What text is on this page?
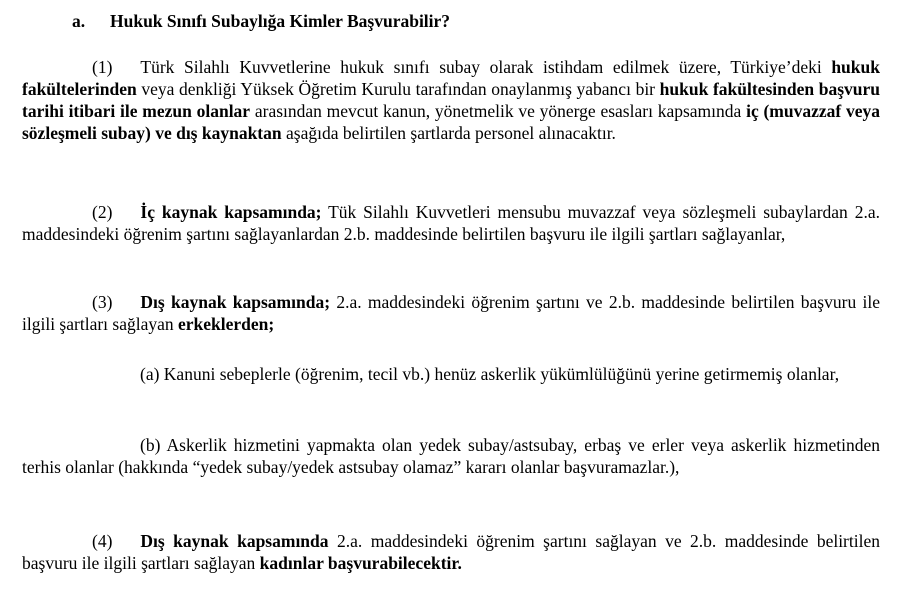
a. Hukuk Sınıfı Subaylığa Kimler Başvurabilir?
(1) Türk Silahlı Kuvvetlerine hukuk sınıfı subay olarak istihdam edilmek üzere, Türkiye’deki hukuk fakültelerinden veya denkliği Yüksek Öğretim Kurulu tarafından onaylanmış yabancı bir hukuk fakültesinden başvuru tarihi itibari ile mezun olanlar arasından mevcut kanun, yönetmelik ve yönerge esasları kapsamında iç (muvazzaf veya sözleşmeli subay) ve dış kaynaktan aşağıda belirtilen şartlarda personel alınacaktır.
(2) İç kaynak kapsamında; Tük Silahlı Kuvvetleri mensubu muvazzaf veya sözleşmeli subaylardan 2.a. maddesindeki öğrenim şartını sağlayanlardan 2.b. maddesinde belirtilen başvuru ile ilgili şartları sağlayanlar,
(3) Dış kaynak kapsamında; 2.a. maddesindeki öğrenim şartını ve 2.b. maddesinde belirtilen başvuru ile ilgili şartları sağlayan erkeklerden;
(a) Kanuni sebeplerle (öğrenim, tecil vb.) henüz askerlik yükümlülüğünü yerine getirmemiş olanlar,
(b) Askerlik hizmetini yapmakta olan yedek subay/astsubay, erbaş ve erler veya askerlik hizmetinden terhis olanlar (hakkında “yedek subay/yedek astsubay olamaz” kararı olanlar başvuramazlar.),
(4) Dış kaynak kapsamında 2.a. maddesindeki öğrenim şartını sağlayan ve 2.b. maddesinde belirtilen başvuru ile ilgili şartları sağlayan kadınlar başvurabilecektir.
